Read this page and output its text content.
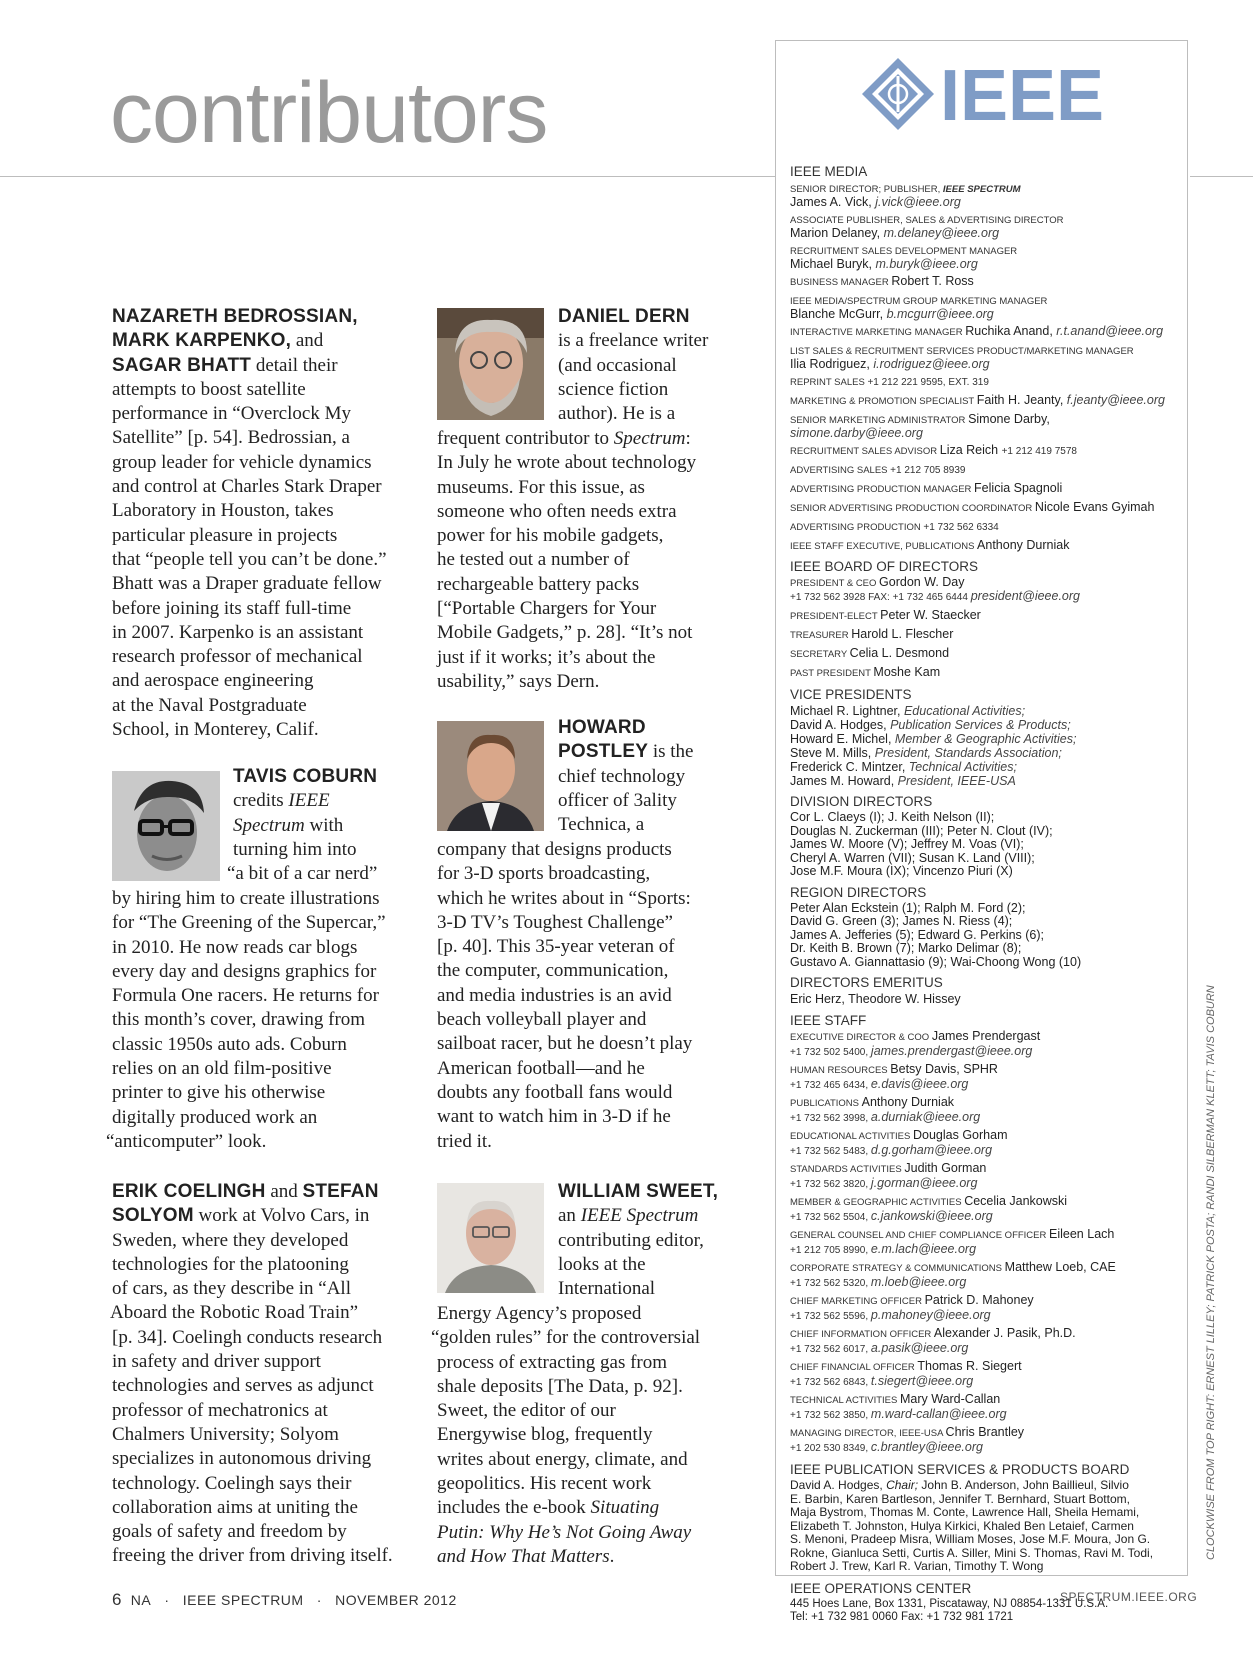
contributors

NAZARETH BEDROSSIAN,
MARK KARPENKO, and
SAGAR BHATT detail their
attempts to boost satellite
performance in “Overclock My
Satellite” [p. 54]. Bedrossian, a
group leader for vehicle dynamics
and control at Charles Stark Draper
Laboratory in Houston, takes
particular pleasure in projects
that “people tell you can’t be done.”
Bhatt was a Draper graduate fellow
before joining its staff full-time
in 2007. Karpenko is an assistant
research professor of mechanical
and aerospace engineering
at the Naval Postgraduate
School, in Monterey, Calif.

TAVIS COBURN
credits IEEE
Spectrum with
turning him into
“a bit of a car nerd”

by hiring him to create illustrations
for “The Greening of the Supercar,”
in 2010. He now reads car blogs
every day and designs graphics for
Formula One racers. He returns for
this month’s cover, drawing from
classic 1950s auto ads. Coburn
relies on an old film-positive
printer to give his otherwise
digitally produced work an
“anticomputer” look.

ERIK COELINGH and STEFAN
SOLYOM work at Volvo Cars, in
Sweden, where they developed
technologies for the platooning
of cars, as they describe in “All
Aboard the Robotic Road Train”
[p. 34]. Coelingh conducts research
in safety and driver support
technologies and serves as adjunct
professor of mechatronics at
Chalmers University; Solyom
specializes in autonomous driving
technology. Coelingh says their
collaboration aims at uniting the
goals of safety and freedom by
freeing the driver from driving itself.

DANIEL DERN
is a freelance writer
(and occasional
science fiction
author). He is a

frequent contributor to Spectrum:
In July he wrote about technology
museums. For this issue, as
someone who often needs extra
power for his mobile gadgets,
he tested out a number of
rechargeable battery packs
[“Portable Chargers for Your
Mobile Gadgets,” p. 28]. “It’s not
just if it works; it’s about the
usability,” says Dern.

HOWARD
POSTLEY is the
chief technology
officer of 3ality
Technica, a

company that designs products
for 3-D sports broadcasting,
which he writes about in “Sports:
3-D TV’s Toughest Challenge”
[p. 40]. This 35-year veteran of
the computer, communication,
and media industries is an avid
beach volleyball player and
sailboat racer, but he doesn’t play
American football—and he
doubts any football fans would
want to watch him in 3-D if he
tried it.

WILLIAM SWEET,
an IEEE Spectrum
contributing editor,
looks at the
International

Energy Agency’s proposed
“golden rules” for the controversial
process of extracting gas from
shale deposits [The Data, p. 92].
Sweet, the editor of our
Energywise blog, frequently
writes about energy, climate, and
geopolitics. His recent work
includes the e-book Situating
Putin: Why He’s Not Going Away
and How That Matters.

IEEE
IEEE MEDIA
SENIOR DIRECTOR; PUBLISHER, IEEE SPECTRUM
James A. Vick, j.vick@ieee.org
ASSOCIATE PUBLISHER, SALES & ADVERTISING DIRECTOR
Marion Delaney, m.delaney@ieee.org
RECRUITMENT SALES DEVELOPMENT MANAGER
Michael Buryk, m.buryk@ieee.org
BUSINESS MANAGER Robert T. Ross
IEEE MEDIA/SPECTRUM GROUP MARKETING MANAGER
Blanche McGurr, b.mcgurr@ieee.org
INTERACTIVE MARKETING MANAGER Ruchika Anand, r.t.anand@ieee.org
LIST SALES & RECRUITMENT SERVICES PRODUCT/MARKETING MANAGER
Ilia Rodriguez, i.rodriguez@ieee.org
REPRINT SALES +1 212 221 9595, EXT. 319
MARKETING & PROMOTION SPECIALIST Faith H. Jeanty, f.jeanty@ieee.org
SENIOR MARKETING ADMINISTRATOR Simone Darby,
simone.darby@ieee.org
RECRUITMENT SALES ADVISOR Liza Reich +1 212 419 7578
ADVERTISING SALES +1 212 705 8939
ADVERTISING PRODUCTION MANAGER Felicia Spagnoli
SENIOR ADVERTISING PRODUCTION COORDINATOR Nicole Evans Gyimah
ADVERTISING PRODUCTION +1 732 562 6334
IEEE STAFF EXECUTIVE, PUBLICATIONS Anthony Durniak
IEEE BOARD OF DIRECTORS
PRESIDENT & CEO Gordon W. Day
+1 732 562 3928 FAX: +1 732 465 6444 president@ieee.org
PRESIDENT-ELECT Peter W. Staecker
TREASURER Harold L. Flescher
SECRETARY Celia L. Desmond
PAST PRESIDENT Moshe Kam
VICE PRESIDENTS
Michael R. Lightner, Educational Activities;
David A. Hodges, Publication Services & Products;
Howard E. Michel, Member & Geographic Activities;
Steve M. Mills, President, Standards Association;
Frederick C. Mintzer, Technical Activities;
James M. Howard, President, IEEE-USA
DIVISION DIRECTORS
Cor L. Claeys (I); J. Keith Nelson (II);
Douglas N. Zuckerman (III); Peter N. Clout (IV);
James W. Moore (V); Jeffrey M. Voas (VI);
Cheryl A. Warren (VII); Susan K. Land (VIII);
Jose M.F. Moura (IX); Vincenzo Piuri (X)
REGION DIRECTORS
Peter Alan Eckstein (1); Ralph M. Ford (2);
David G. Green (3); James N. Riess (4);
James A. Jefferies (5); Edward G. Perkins (6);
Dr. Keith B. Brown (7); Marko Delimar (8);
Gustavo A. Giannattasio (9); Wai-Choong Wong (10)
DIRECTORS EMERITUS
Eric Herz, Theodore W. Hissey
IEEE STAFF
EXECUTIVE DIRECTOR & COO James Prendergast
+1 732 502 5400, james.prendergast@ieee.org
HUMAN RESOURCES Betsy Davis, SPHR
+1 732 465 6434, e.davis@ieee.org
PUBLICATIONS Anthony Durniak
+1 732 562 3998, a.durniak@ieee.org
EDUCATIONAL ACTIVITIES Douglas Gorham
+1 732 562 5483, d.g.gorham@ieee.org
STANDARDS ACTIVITIES Judith Gorman
+1 732 562 3820, j.gorman@ieee.org
MEMBER & GEOGRAPHIC ACTIVITIES Cecelia Jankowski
+1 732 562 5504, c.jankowski@ieee.org
GENERAL COUNSEL AND CHIEF COMPLIANCE OFFICER Eileen Lach
+1 212 705 8990, e.m.lach@ieee.org
CORPORATE STRATEGY & COMMUNICATIONS Matthew Loeb, CAE
+1 732 562 5320, m.loeb@ieee.org
CHIEF MARKETING OFFICER Patrick D. Mahoney
+1 732 562 5596, p.mahoney@ieee.org
CHIEF INFORMATION OFFICER Alexander J. Pasik, Ph.D.
+1 732 562 6017, a.pasik@ieee.org
CHIEF FINANCIAL OFFICER Thomas R. Siegert
+1 732 562 6843, t.siegert@ieee.org
TECHNICAL ACTIVITIES Mary Ward-Callan
+1 732 562 3850, m.ward-callan@ieee.org
MANAGING DIRECTOR, IEEE-USA Chris Brantley
+1 202 530 8349, c.brantley@ieee.org
IEEE PUBLICATION SERVICES & PRODUCTS BOARD
David A. Hodges, Chair; John B. Anderson, John Baillieul, Silvio
E. Barbin, Karen Bartleson, Jennifer T. Bernhard, Stuart Bottom,
Maja Bystrom, Thomas M. Conte, Lawrence Hall, Sheila Hemami,
Elizabeth T. Johnston, Hulya Kirkici, Khaled Ben Letaief, Carmen
S. Menoni, Pradeep Misra, William Moses, Jose M.F. Moura, Jon G.
Rokne, Gianluca Setti, Curtis A. Siller, Mini S. Thomas, Ravi M. Todi,
Robert J. Trew, Karl R. Varian, Timothy T. Wong
IEEE OPERATIONS CENTER
445 Hoes Lane, Box 1331, Piscataway, NJ 08854-1331 U.S.A.
Tel: +1 732 981 0060 Fax: +1 732 981 1721
6 NA · IEEE SPECTRUM · NOVEMBER 2012	SPECTRUM.IEEE.ORG
CLOCKWISE FROM TOP RIGHT: ERNEST LILLEY; PATRICK POSTA; RANDI SILBERMAN KLETT; TAVIS COBURN
